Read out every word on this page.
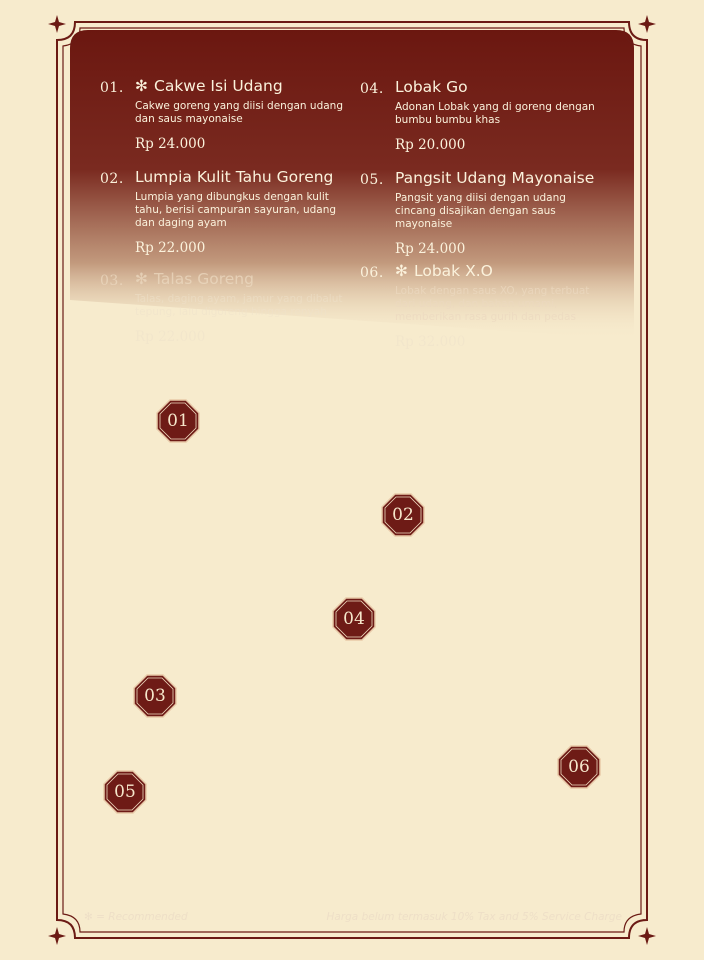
01. ✻ Cakwe Isi Udang
Cakwe goreng yang diisi dengan udang dan saus mayonaise
Rp 24.000
02. Lumpia Kulit Tahu Goreng
Lumpia yang dibungkus dengan kulit tahu, berisi campuran sayuran, udang dan daging ayam
Rp 22.000
03. ✻ Talas Goreng
Talas, daging ayam, jamur yang dibalut tepung, lalu digoreng hingga renyah
Rp 22.000
04. Lobak Go
Adonan Lobak yang di goreng dengan bumbu bumbu khas
Rp 20.000
05. Pangsit Udang Mayonaise
Pangsit yang diisi dengan udang cincang disajikan dengan saus mayonaise
Rp 24.000
06. ✻ Lobak X.O
Lobak dengan saus XO, yang terbuat dari udang, dan bahan umami, memberikan rasa gurih dan pedas
Rp 32.000
01
02
04
03
05
06
✻ = Recommended	Harga belum termasuk 10% Tax and 5% Service Charge
